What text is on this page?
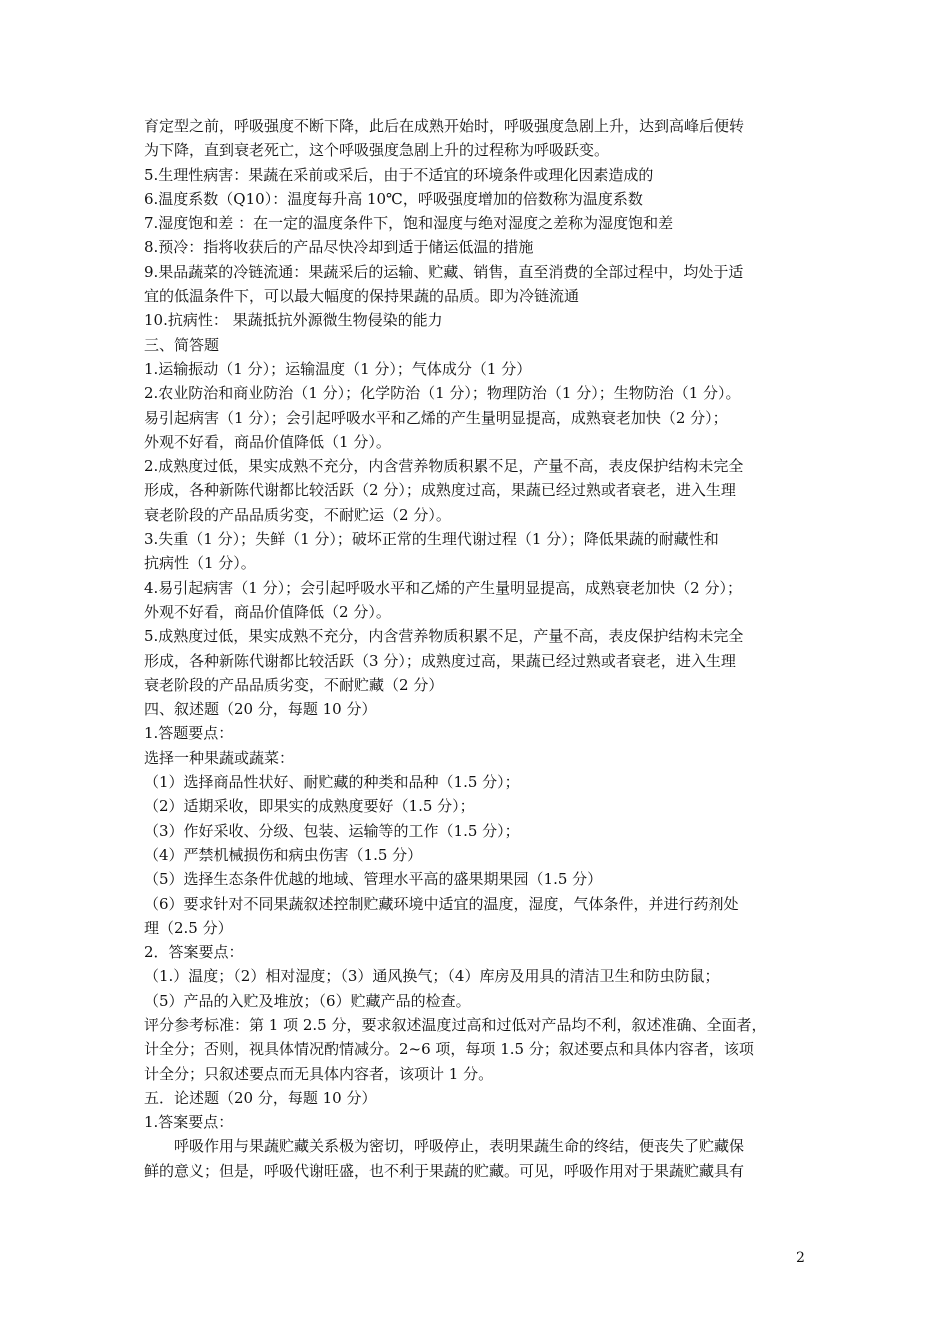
育定型之前，呼吸强度不断下降，此后在成熟开始时，呼吸强度急剧上升，达到高峰后便转
为下降，直到衰老死亡，这个呼吸强度急剧上升的过程称为呼吸跃变。
5.生理性病害：果蔬在采前或采后，由于不适宜的环境条件或理化因素造成的
6.温度系数（Q10）：温度每升高 10℃，呼吸强度增加的倍数称为温度系数
7.湿度饱和差 ：在一定的温度条件下，饱和湿度与绝对湿度之差称为湿度饱和差
8.预冷：指将收获后的产品尽快冷却到适于储运低温的措施
9.果品蔬菜的冷链流通：果蔬采后的运输、贮藏、销售，直至消费的全部过程中，均处于适
宜的低温条件下，可以最大幅度的保持果蔬的品质。即为冷链流通
10.抗病性： 果蔬抵抗外源微生物侵染的能力
三、简答题
1.运输振动（1 分）；运输温度（1 分）；气体成分（1 分）
2.农业防治和商业防治（1 分）；化学防治（1 分）；物理防治（1 分）；生物防治（1 分）。
易引起病害（1 分）；会引起呼吸水平和乙烯的产生量明显提高，成熟衰老加快（2 分）；
外观不好看，商品价值降低（1 分）。
2.成熟度过低，果实成熟不充分，内含营养物质积累不足，产量不高，表皮保护结构未完全
形成，各种新陈代谢都比较活跃（2 分）；成熟度过高，果蔬已经过熟或者衰老，进入生理
衰老阶段的产品品质劣变，不耐贮运（2 分）。
3.失重（1 分）；失鲜（1 分）；破坏正常的生理代谢过程（1 分）；降低果蔬的耐藏性和
抗病性（1 分）。
4.易引起病害（1 分）；会引起呼吸水平和乙烯的产生量明显提高，成熟衰老加快（2 分）；
外观不好看，商品价值降低（2 分）。
5.成熟度过低，果实成熟不充分，内含营养物质积累不足，产量不高，表皮保护结构未完全
形成，各种新陈代谢都比较活跃（3 分）；成熟度过高，果蔬已经过熟或者衰老，进入生理
衰老阶段的产品品质劣变，不耐贮藏（2 分）
四、叙述题（20 分，每题 10 分）
1.答题要点：
选择一种果蔬或蔬菜：
（1）选择商品性状好、耐贮藏的种类和品种（1.5 分）；
（2）适期采收，即果实的成熟度要好（1.5 分）；
（3）作好采收、分级、包装、运输等的工作（1.5 分）；
（4）严禁机械损伤和病虫伤害（1.5 分）
（5）选择生态条件优越的地域、管理水平高的盛果期果园（1.5 分）
（6）要求针对不同果蔬叙述控制贮藏环境中适宜的温度，湿度，气体条件，并进行药剂处
理（2.5 分）
2．答案要点：
（1.）温度；（2）相对湿度；（3）通风换气；（4）库房及用具的清洁卫生和防虫防鼠；
（5）产品的入贮及堆放；（6）贮藏产品的检查。
评分参考标准：第 1 项 2.5 分，要求叙述温度过高和过低对产品均不利，叙述准确、全面者，
计全分；否则，视具体情况酌情减分。2~6 项，每项 1.5 分；叙述要点和具体内容者，该项
计全分；只叙述要点而无具体内容者，该项计 1 分。
五．论述题（20 分，每题 10 分）
1.答案要点：
呼吸作用与果蔬贮藏关系极为密切，呼吸停止，表明果蔬生命的终结，便丧失了贮藏保
鲜的意义；但是，呼吸代谢旺盛，也不利于果蔬的贮藏。可见，呼吸作用对于果蔬贮藏具有
2
